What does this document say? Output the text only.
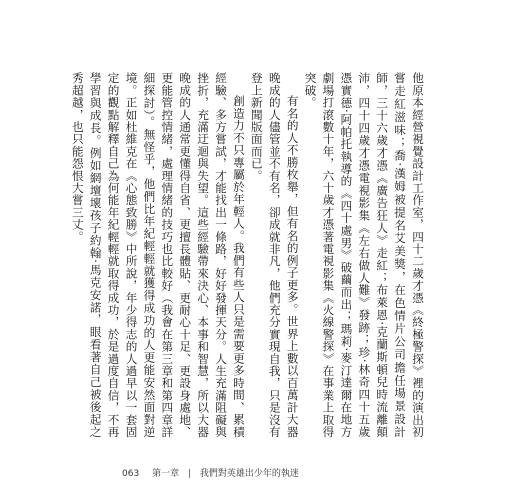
他原本經營視覺設計工作室，四十二歲才憑《終極警探》裡的演出初嘗走紅滋味；喬‧漢姆被提名艾美獎，在色情片公司擔任場景設計師，三十六歲才憑《廣告狂人》走紅；布萊恩‧克蘭斯頓兒時流離顛沛，四十四歲才憑電視影集《左右做人難》發跡；珍‧林奇四十五歲憑實德‧阿帕托執導的《四十處男》破繭而出；瑪莉‧麥汀達爾在地方劇場打滾數十年，六十歲才憑著電視影集《火線警探》在事業上取得突破。

有名的人不勝枚舉，但有名的例子更多。世界上數以百萬計大器晚成的人儘管並不有名，卻成就非凡，他們充分實現自我，只是沒有登上新聞版面而已。

創造力不只專屬於年輕人。我們有些人只是需要更多時間、累積經驗、多方嘗試，才能找出一條路，好好發揮天分。人生充滿阻礙與挫折，充滿迂迴與失望。這些經驗帶來決心、本事和智慧，所以大器晚成的人通常更懂得自省、更擅長體貼、更耐心十足、更設身處地、更能管控情緒，處理情緒的技巧也比較好（我會在第三章和第四章詳細探討）。無怪乎，他們比年紀輕輕就獲得成功的人更能安然面對逆境。正如杜維克在《心態致勝》中所說，年少得志的人過早以一套固定的觀點解釋自己為何能年紀輕輕就取得成功，於是過度自信，不再學習與成長。例如網壇壞孩子約翰‧馬克安諾，眼看著自己被後起之秀超越，也只能怨恨大嘗三丈。

063 第一章 | 我們對英雄出少年的執迷
